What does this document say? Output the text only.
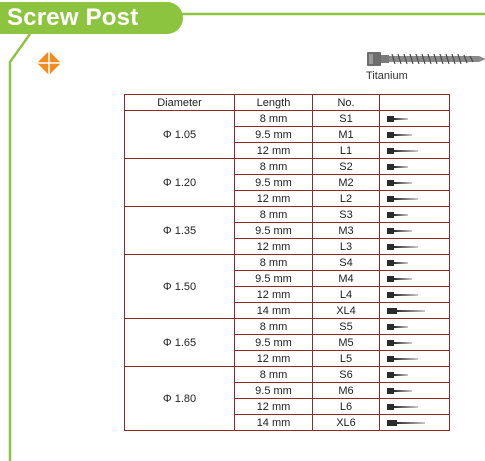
Screw Post
Titanium
Diameter	Length	No.	
Φ 1.05	8 mm	S1	
	9.5 mm	M1	
	12 mm	L1	
Φ 1.20	8 mm	S2	
	9.5 mm	M2	
	12 mm	L2	
Φ 1.35	8 mm	S3	
	9.5 mm	M3	
	12 mm	L3	
Φ 1.50	8 mm	S4	
	9.5 mm	M4	
	12 mm	L4	
	14 mm	XL4	
Φ 1.65	8 mm	S5	
	9.5 mm	M5	
	12 mm	L5	
Φ 1.80	8 mm	S6	
	9.5 mm	M6	
	12 mm	L6	
	14 mm	XL6	
